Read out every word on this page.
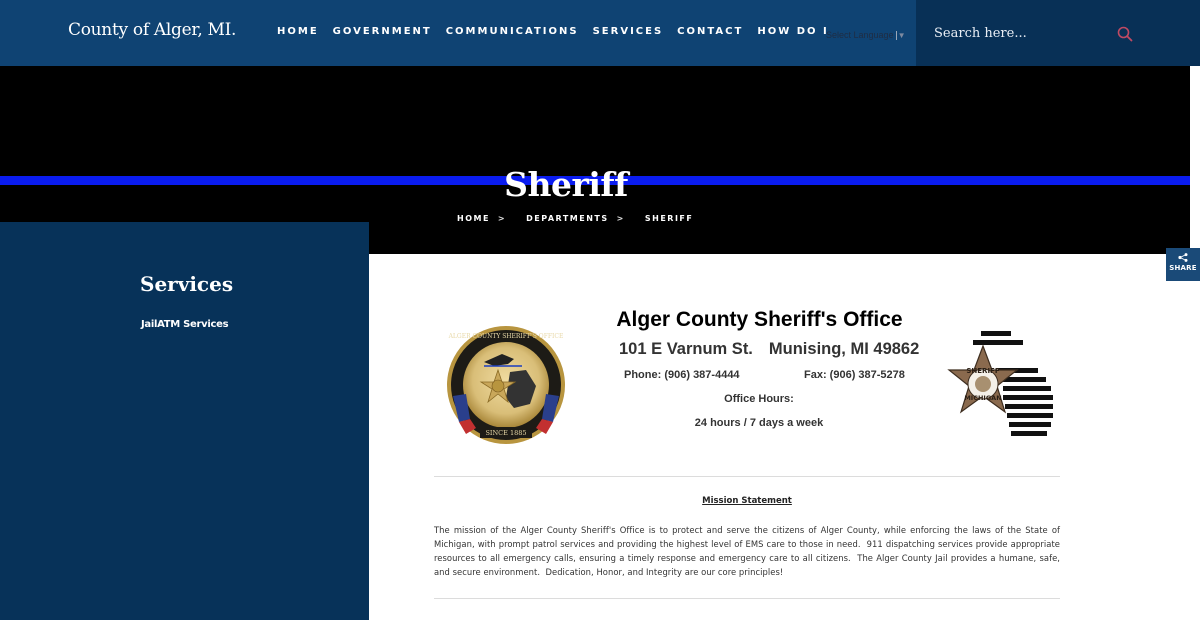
County of Alger, MI.	HOME GOVERNMENT COMMUNICATIONS SERVICES CONTACT HOW DO I
Select Language ▼
Search here...
Sheriff
HOME >	DEPARTMENTS >	SHERIFF
Services
JailATM Services
ALGER COUNTY SHERIFF'S OFFICE
SINCE 1885
Alger County Sheriff's Office
101 E Varnum St. Munising, MI 49862
Phone: (906) 387-4444	Fax: (906) 387-5278
Office Hours:
24 hours / 7 days a week
SHERIFF
MICHIGAN
Mission Statement

The mission of the Alger County Sheriff's Office is to protect and serve the citizens of Alger County, while enforcing the laws of the State of Michigan, with prompt patrol services and providing the highest level of EMS care to those in need.  911 dispatching services provide appropriate resources to all emergency calls, ensuring a timely response and emergency care to all citizens.  The Alger County Jail provides a humane, safe, and secure environment.  Dedication, Honor, and Integrity are our core principles!

SHARE
